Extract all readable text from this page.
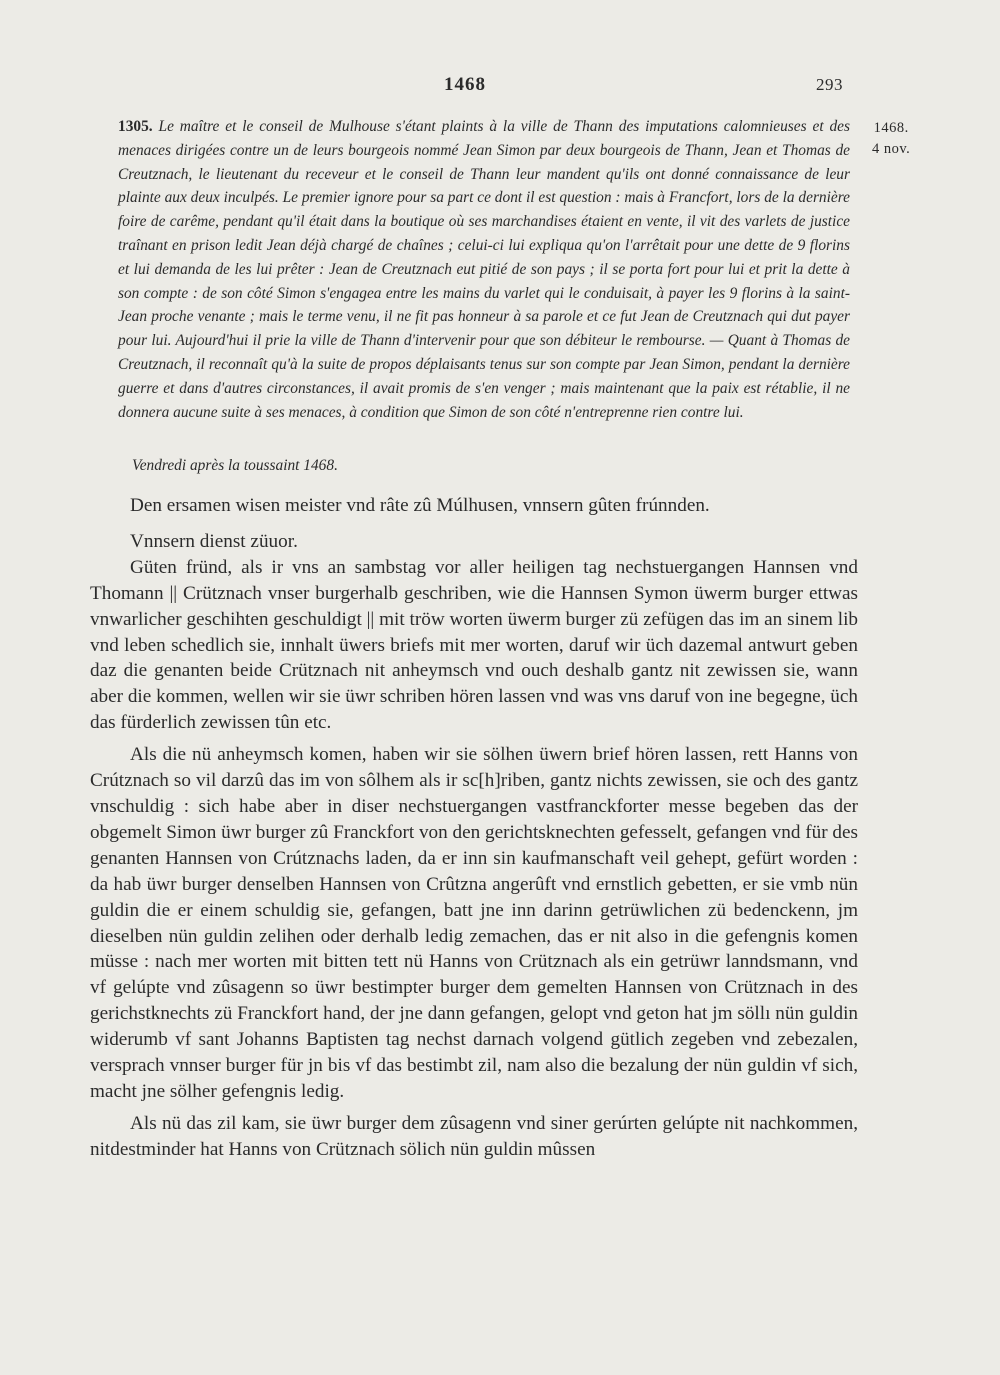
1468	293
1468.
4 nov.
1305. Le maître et le conseil de Mulhouse s'étant plaints à la ville de Thann des imputations calomnieuses et des menaces dirigées contre un de leurs bourgeois nommé Jean Simon par deux bourgeois de Thann, Jean et Thomas de Creutznach, le lieutenant du receveur et le conseil de Thann leur mandent qu'ils ont donné connaissance de leur plainte aux deux inculpés. Le premier ignore pour sa part ce dont il est question : mais à Francfort, lors de la dernière foire de carême, pendant qu'il était dans la boutique où ses marchandises étaient en vente, il vit des varlets de justice traînant en prison ledit Jean déjà chargé de chaînes ; celui-ci lui expliqua qu'on l'arrêtait pour une dette de 9 florins et lui demanda de les lui prêter : Jean de Creutznach eut pitié de son pays ; il se porta fort pour lui et prit la dette à son compte : de son côté Simon s'engagea entre les mains du varlet qui le conduisait, à payer les 9 florins à la saint-Jean proche venante ; mais le terme venu, il ne fit pas honneur à sa parole et ce fut Jean de Creutznach qui dut payer pour lui. Aujourd'hui il prie la ville de Thann d'intervenir pour que son débiteur le rembourse. — Quant à Thomas de Creutznach, il reconnaît qu'à la suite de propos déplaisants tenus sur son compte par Jean Simon, pendant la dernière guerre et dans d'autres circonstances, il avait promis de s'en venger ; mais maintenant que la paix est rétablie, il ne donnera aucune suite à ses menaces, à condition que Simon de son côté n'entreprenne rien contre lui.
Vendredi après la toussaint 1468.

Den ersamen wisen meister vnd râte zû Múlhusen, vnnsern gûten frúnnden.

Vnnsern dienst züuor.

Güten fründ, als ir vns an sambstag vor aller heiligen tag nechstuergangen Hannsen vnd Thomann || Crütznach vnser burgerhalb geschriben, wie die Hannsen Symon üwerm burger ettwas vnwarlicher geschihten geschuldigt || mit tröw worten üwerm burger zü zefügen das im an sinem lib vnd leben schedlich sie, innhalt üwers briefs mit mer worten, daruf wir üch dazemal antwurt geben daz die genanten beide Crütznach nit anheymsch vnd ouch deshalb gantz nit zewissen sie, wann aber die kommen, wellen wir sie üwr schriben hören lassen vnd was vns daruf von ine begegne, üch das fürderlich zewissen tûn etc.

Als die nü anheymsch komen, haben wir sie sölhen üwern brief hören lassen, rett Hanns von Crútznach so vil darzû das im von sôlhem als ir sc[h]riben, gantz nichts zewissen, sie och des gantz vnschuldig : sich habe aber in diser nechstuergangen vastfranckforter messe begeben das der obgemelt Simon üwr burger zû Franckfort von den gerichtsknechten gefesselt, gefangen vnd für des genanten Hannsen von Crútznachs laden, da er inn sin kaufmanschaft veil gehept, gefürt worden : da hab üwr burger denselben Hannsen von Crûtzna angerûft vnd ernstlich gebetten, er sie vmb nün guldin die er einem schuldig sie, gefangen, batt jne inn darinn getrüwlichen zü bedenckenn, jm dieselben nün guldin zelihen oder derhalb ledig zemachen, das er nit also in die gefengnis komen müsse : nach mer worten mit bitten tett nü Hanns von Crütznach als ein getrüwr lanndsmann, vnd vf gelúpte vnd zûsagenn so üwr bestimpter burger dem gemelten Hannsen von Crütznach in des gerichstknechts zü Franckfort hand, der jne dann gefangen, gelopt vnd geton hat jm söllı nün guldin widerumb vf sant Johanns Baptisten tag nechst darnach volgend gütlich zegeben vnd zebezalen, versprach vnnser burger für jn bis vf das bestimbt zil, nam also die bezalung der nün guldin vf sich, macht jne sölher gefengnis ledig.

Als nü das zil kam, sie üwr burger dem zûsagenn vnd siner gerúrten gelúpte nit nachkommen, nitdestminder hat Hanns von Crütznach sölich nün guldin mûssen
